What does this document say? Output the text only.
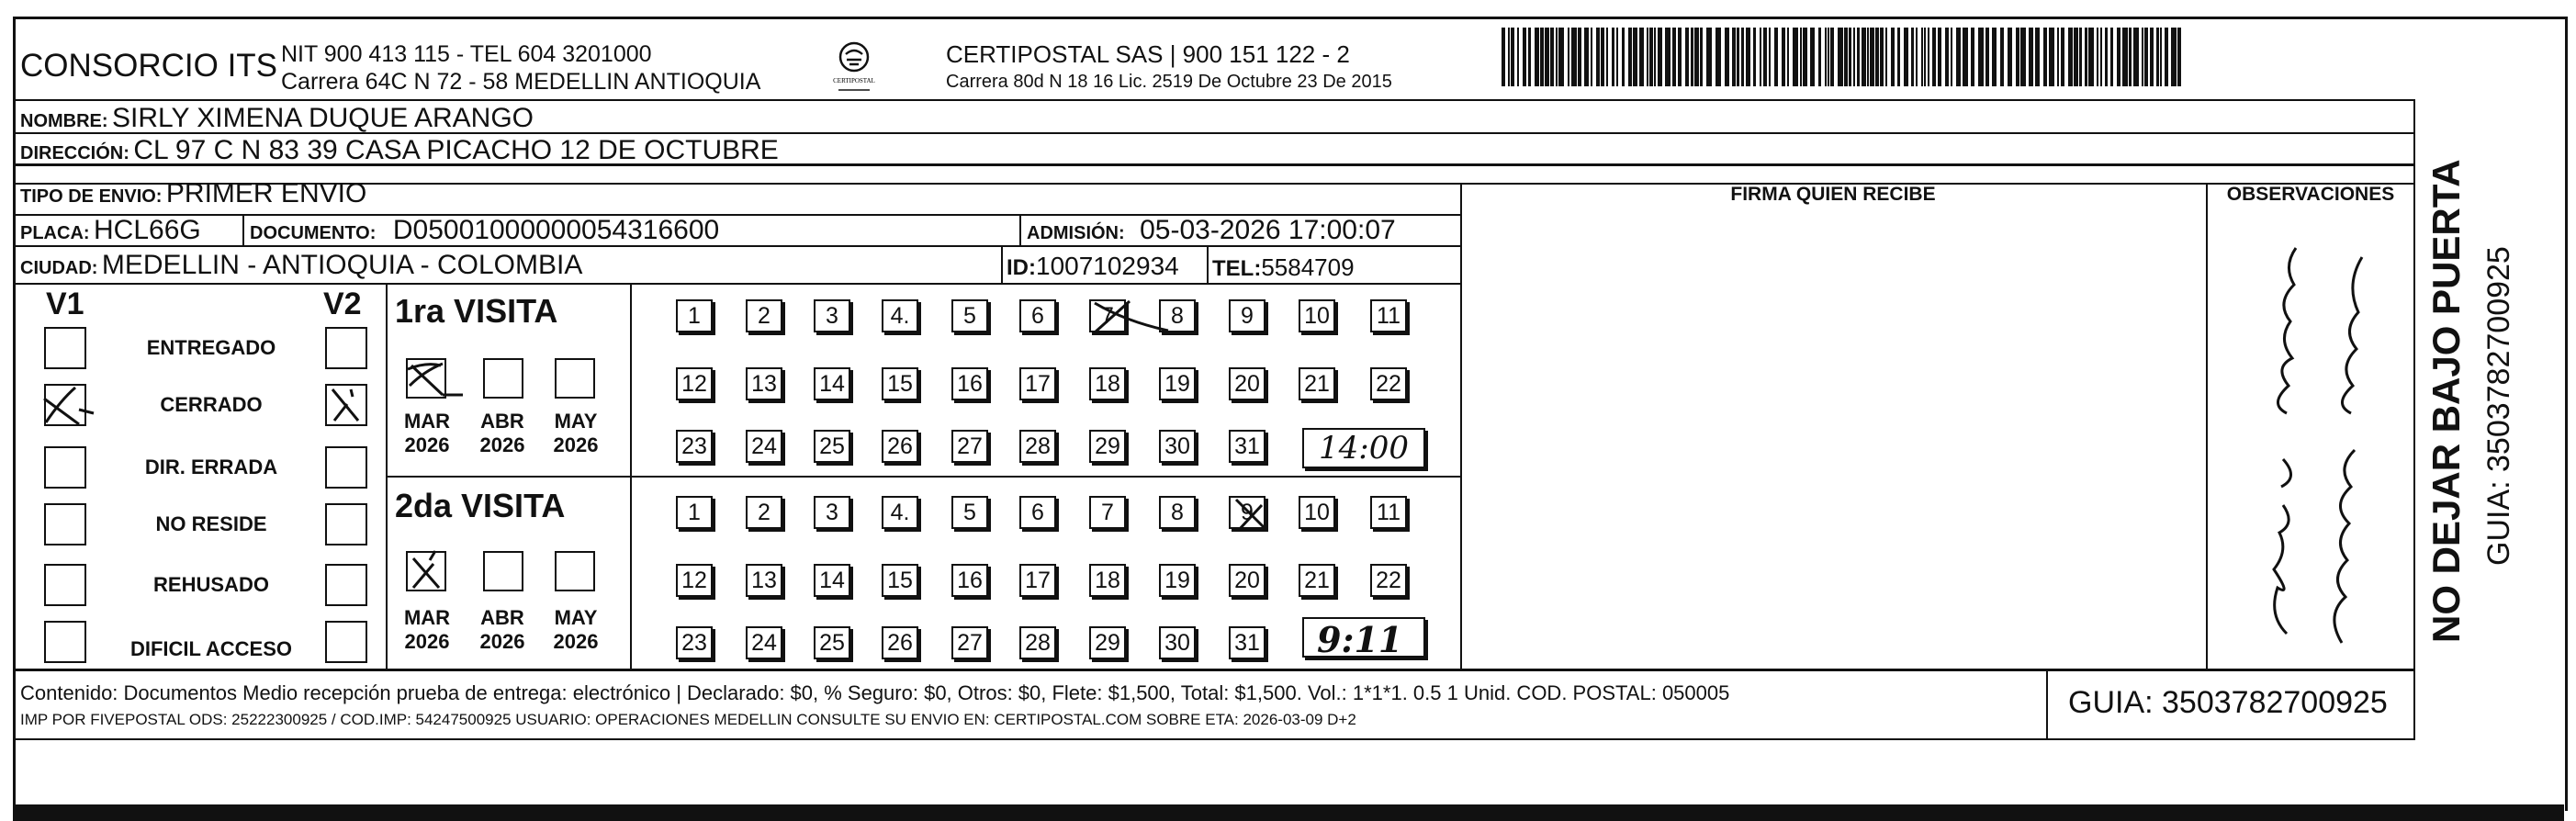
CONSORCIO ITS NIT 900 413 115 - TEL 604 3201000
Carrera 64C N 72 - 58 MEDELLIN ANTIOQUIA	CERTIPOSTAL
CERTIPOSTAL SAS | 900 151 122 - 2
Carrera 80d N 18 16 Lic. 2519 De Octubre 23 De 2015
NOMBRE: SIRLY XIMENA DUQUE ARANGO
DIRECCIÓN: CL 97 C N 83 39 CASA PICACHO 12 DE OCTUBRE
TIPO DE ENVIO: PRIMER ENVIO
PLACA: HCL66G	DOCUMENTO: D05001000000054316600	ADMISIÓN: 05-03-2026 17:00:07
CIUDAD: MEDELLIN - ANTIOQUIA - COLOMBIA	ID:1007102934 TEL:5584709
FIRMA QUIEN RECIBE	OBSERVACIONES
V1	V2
ENTREGADO
CERRADO
DIR. ERRADA
NO RESIDE
REHUSADO
DIFICIL ACCESO
1ra VISITA
2da VISITA
MAR
2026
ABR
2026
MAY
2026
MAR
2026
ABR
2026
MAY
2026
1	2	3	4.	5	6	7	8	9	10 11
12 13 14 15 16 17 18 19 20 21 22
23 24 25 26 27 28 29 30 31
1	2	3	4.	5	6	7	8	9	10 11
12 13 14 15 16 17 18 19 20 21 22
23 24 25 26 27 28 29 30 31
14:00
9:11
Contenido: Documentos Medio recepción prueba de entrega: electrónico | Declarado: $0, % Seguro: $0, Otros: $0, Flete: $1,500, Total: $1,500. Vol.: 1*1*1. 0.5 1 Unid. COD. POSTAL: 050005
IMP POR FIVEPOSTAL ODS: 25222300925 / COD.IMP: 54247500925 USUARIO: OPERACIONES MEDELLIN CONSULTE SU ENVIO EN: CERTIPOSTAL.COM SOBRE ETA: 2026-03-09 D+2	GUIA: 3503782700925
NO DEJAR BAJO PUERTA GUIA: 3503782700925
